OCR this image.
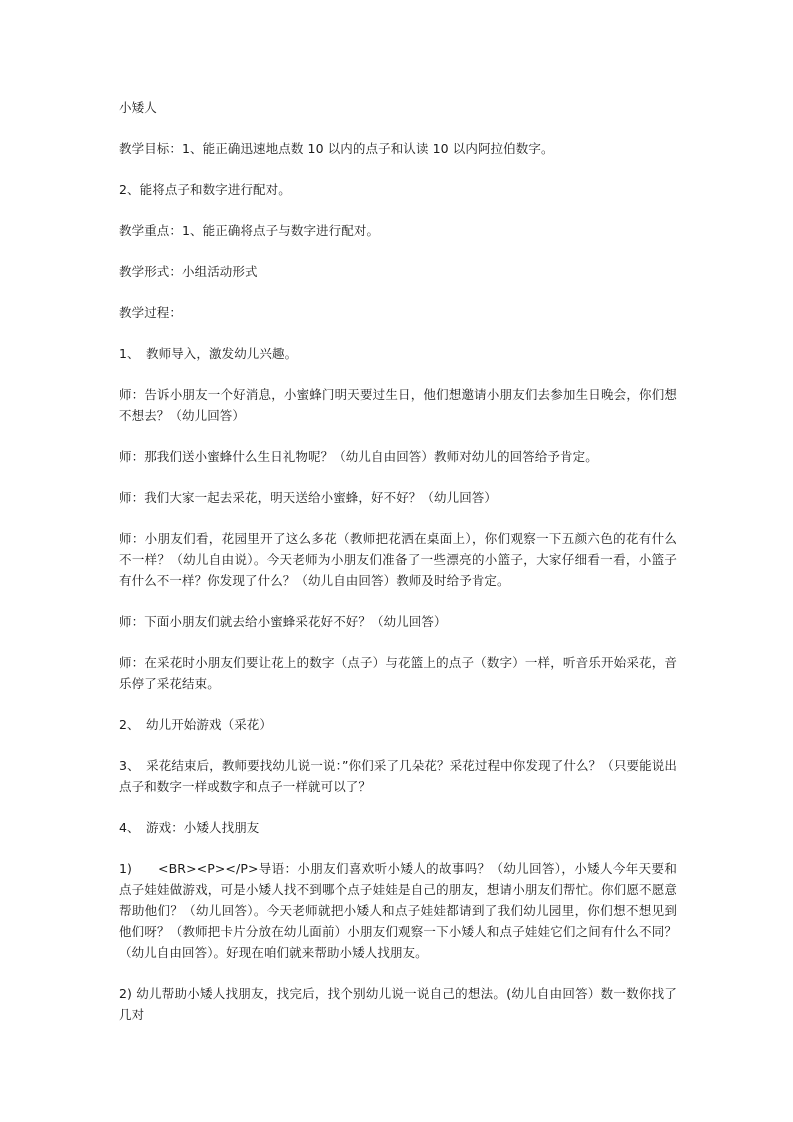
小矮人

教学目标：1、能正确迅速地点数 10 以内的点子和认读 10 以内阿拉伯数字。

2、能将点子和数字进行配对。

教学重点：1、能正确将点子与数字进行配对。

教学形式：小组活动形式

教学过程：

1、　教师导入，激发幼儿兴趣。

师：告诉小朋友一个好消息，小蜜蜂门明天要过生日，他们想邀请小朋友们去参加生日晚会，你们想不想去？（幼儿回答）

师：那我们送小蜜蜂什么生日礼物呢？（幼儿自由回答）教师对幼儿的回答给予肯定。

师：我们大家一起去采花，明天送给小蜜蜂，好不好？（幼儿回答）

师：小朋友们看，花园里开了这么多花（教师把花洒在桌面上），你们观察一下五颜六色的花有什么不一样？（幼儿自由说）。今天老师为小朋友们准备了一些漂亮的小篮子，大家仔细看一看，小篮子有什么不一样？你发现了什么？（幼儿自由回答）教师及时给予肯定。

师：下面小朋友们就去给小蜜蜂采花好不好？（幼儿回答）

师：在采花时小朋友们要让花上的数字（点子）与花篮上的点子（数字）一样，听音乐开始采花，音乐停了采花结束。

2、　幼儿开始游戏（采花）

3、　采花结束后，教师要找幼儿说一说：”你们采了几朵花？采花过程中你发现了什么？（只要能说出点子和数字一样或数字和点子一样就可以了？

4、　游戏：小矮人找朋友

1)　　<BR><P></P>导语：小朋友们喜欢听小矮人的故事吗？（幼儿回答），小矮人今年天要和点子娃娃做游戏，可是小矮人找不到哪个点子娃娃是自己的朋友，想请小朋友们帮忙。你们愿不愿意帮助他们？（幼儿回答）。今天老师就把小矮人和点子娃娃都请到了我们幼儿园里，你们想不想见到他们呀？（教师把卡片分放在幼儿面前）小朋友们观察一下小矮人和点子娃娃它们之间有什么不同？（幼儿自由回答）。好现在咱们就来帮助小矮人找朋友。

2) 幼儿帮助小矮人找朋友，找完后，找个别幼儿说一说自己的想法。(幼儿自由回答）数一数你找了几对
